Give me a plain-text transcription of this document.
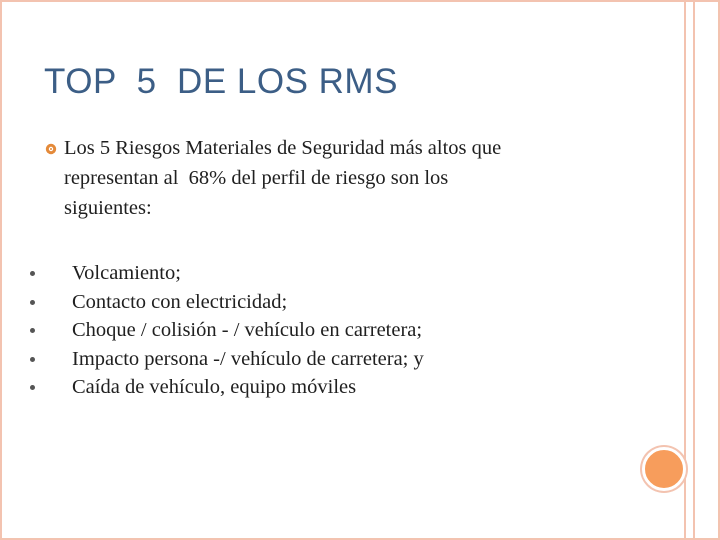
TOP  5  DE LOS RMS

Los 5 Riesgos Materiales de Seguridad más altos que
representan al  68% del perfil de riesgo son los
siguientes:

Volcamiento;
Contacto con electricidad;
Choque / colisión - / vehículo en carretera;
Impacto persona -/ vehículo de carretera; y
Caída de vehículo, equipo móviles
